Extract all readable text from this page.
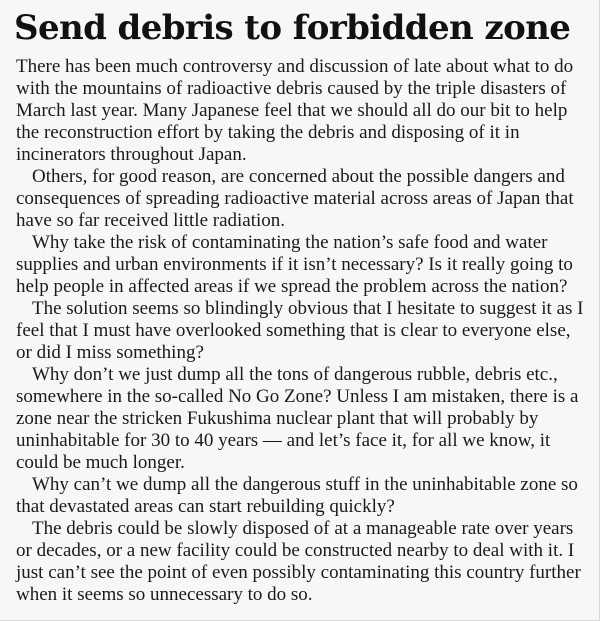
Send debris to forbidden zone

There has been much controversy and discussion of late about what to do with the mountains of radioactive debris caused by the triple disasters of March last year. Many Japanese feel that we should all do our bit to help the reconstruction effort by taking the debris and disposing of it in incinerators throughout Japan.

Others, for good reason, are concerned about the possible dangers and consequences of spreading radioactive material across areas of Japan that have so far received little radiation.

Why take the risk of contaminating the nation’s safe food and water supplies and urban environments if it isn’t necessary? Is it really going to help people in affected areas if we spread the problem across the nation?

The solution seems so blindingly obvious that I hesitate to suggest it as I feel that I must have overlooked something that is clear to everyone else, or did I miss something?

Why don’t we just dump all the tons of dangerous rubble, debris etc., somewhere in the so-called No Go Zone? Unless I am mistaken, there is a zone near the stricken Fukushima nuclear plant that will probably by uninhabitable for 30 to 40 years — and let’s face it, for all we know, it could be much longer.

Why can’t we dump all the dangerous stuff in the uninhabitable zone so that devastated areas can start rebuilding quickly?

The debris could be slowly disposed of at a manageable rate over years or decades, or a new facility could be constructed nearby to deal with it. I just can’t see the point of even possibly contaminating this country further when it seems so unnecessary to do so.
